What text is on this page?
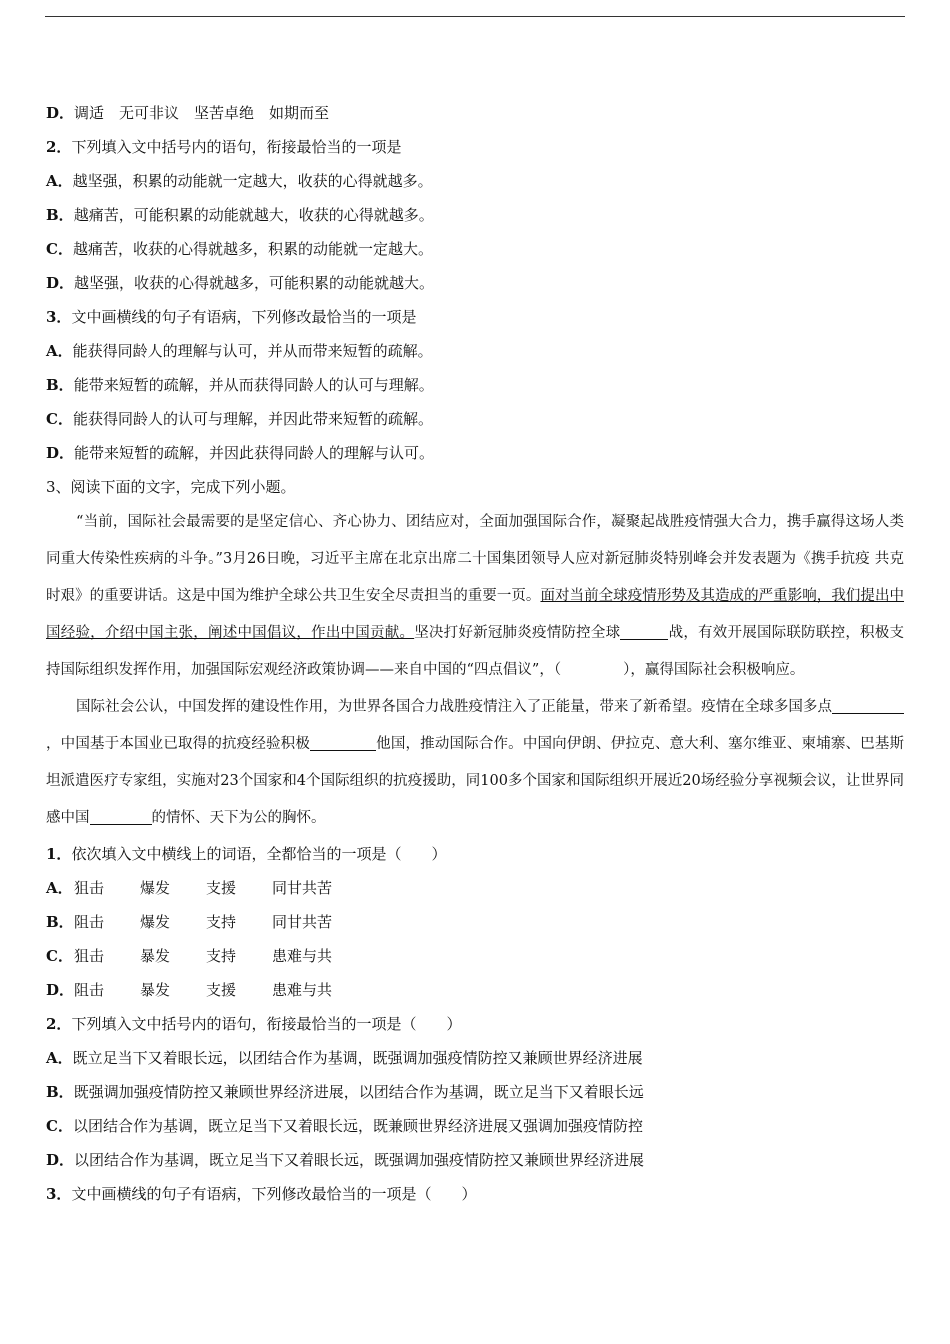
D．调适　无可非议　坚苦卓绝　如期而至
2．下列填入文中括号内的语句，衔接最恰当的一项是
A．越坚强，积累的动能就一定越大，收获的心得就越多。
B．越痛苦，可能积累的动能就越大，收获的心得就越多。
C．越痛苦，收获的心得就越多，积累的动能就一定越大。
D．越坚强，收获的心得就越多，可能积累的动能就越大。
3．文中画横线的句子有语病，下列修改最恰当的一项是
A．能获得同龄人的理解与认可，并从而带来短暂的疏解。
B．能带来短暂的疏解，并从而获得同龄人的认可与理解。
C．能获得同龄人的认可与理解，并因此带来短暂的疏解。
D．能带来短暂的疏解，并因此获得同龄人的理解与认可。
3、阅读下面的文字，完成下列小题。

“当前，国际社会最需要的是坚定信心、齐心协力、团结应对，全面加强国际合作，凝聚起战胜疫情强大合力，携手赢得这场人类同重大传染性疾病的斗争。”3月26日晚，习近平主席在北京出席二十国集团领导人应对新冠肺炎特别峰会并发表题为《携手抗疫 共克时艰》的重要讲话。这是中国为维护全球公共卫生安全尽责担当的重要一页。面对当前全球疫情形势及其造成的严重影响，我们提出中国经验，介绍中国主张，阐述中国倡议，作出中国贡献。坚决打好新冠肺炎疫情防控全球	战，有效开展国际联防联控，积极支持国际组织发挥作用，加强国际宏观经济政策协调——来自中国的“四点倡议”，（	），赢得国际社会积极响应。

国际社会公认，中国发挥的建设性作用，为世界各国合力战胜疫情注入了正能量，带来了新希望。疫情在全球多国多点，中国基于本国业已取得的抗疫经验积极	他国，推动国际合作。中国向伊朗、伊拉克、意大利、塞尔维亚、柬埔寨、巴基斯坦派遣医疗专家组，实施对23个国家和4个国际组织的抗疫援助，同100多个国家和国际组织开展近20场经验分享视频会议，让世界同感中国	的情怀、天下为公的胸怀。

1．依次填入文中横线上的词语，全都恰当的一项是（　　）
A．狙击 爆发 支援 同甘共苦
B．阻击 爆发 支持 同甘共苦
C．狙击 暴发 支持 患难与共
D．阻击 暴发 支援 患难与共
2．下列填入文中括号内的语句，衔接最恰当的一项是（　　）
A．既立足当下又着眼长远，以团结合作为基调，既强调加强疫情防控又兼顾世界经济进展
B．既强调加强疫情防控又兼顾世界经济进展，以团结合作为基调，既立足当下又着眼长远
C．以团结合作为基调，既立足当下又着眼长远，既兼顾世界经济进展又强调加强疫情防控
D．以团结合作为基调，既立足当下又着眼长远，既强调加强疫情防控又兼顾世界经济进展
3．文中画横线的句子有语病，下列修改最恰当的一项是（　　）
